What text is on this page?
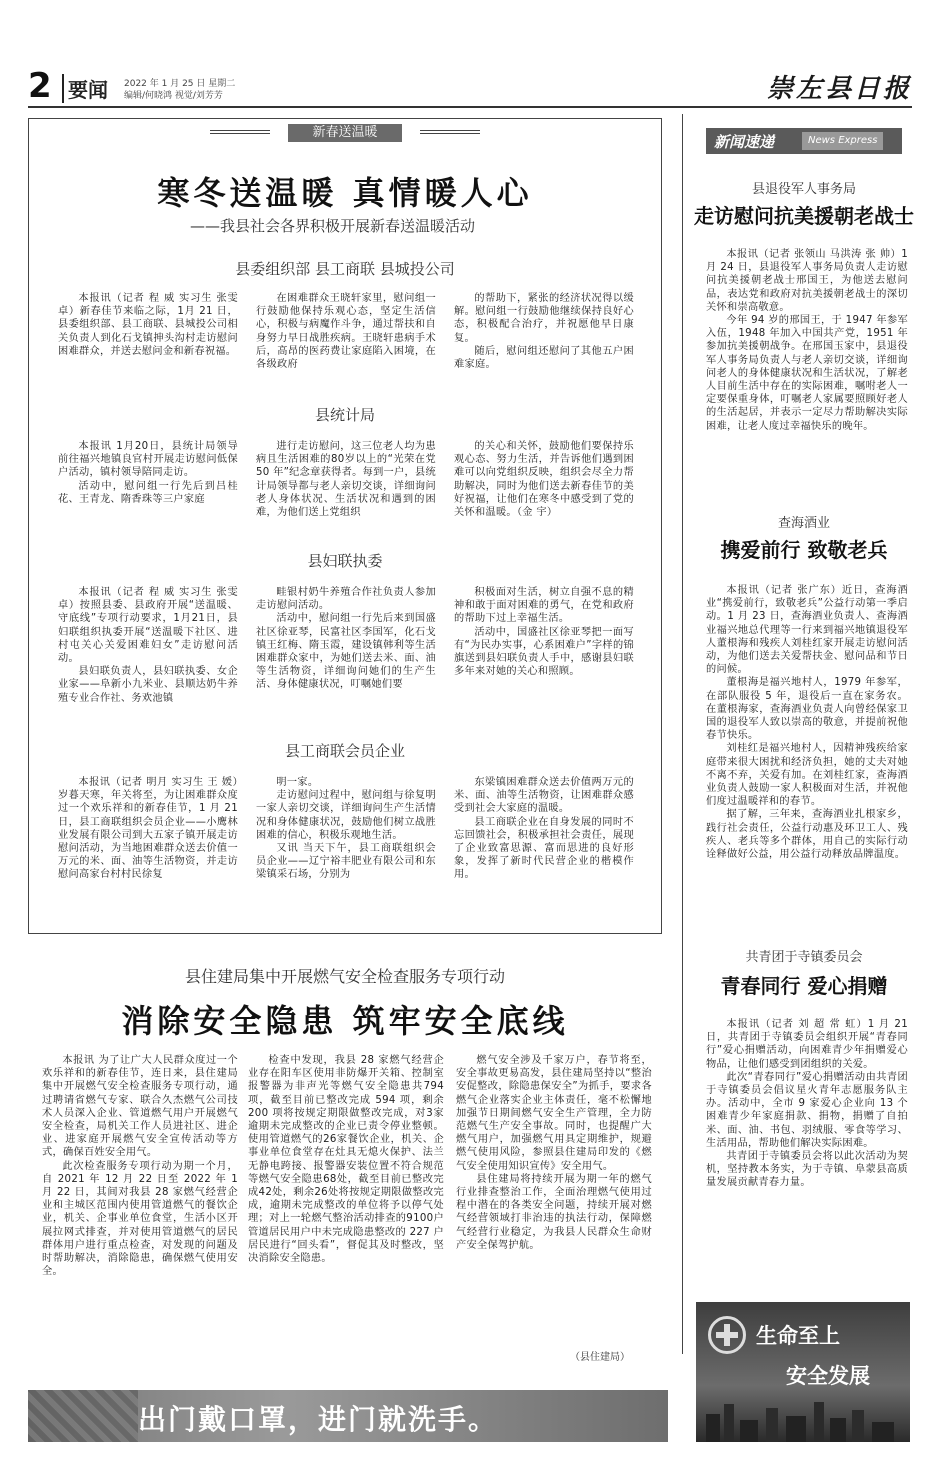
2 要闻 2022 年 1 月 25 日 星期二
编辑/何晓鸿 视觉/刘芳芳	崇左县日报
新春送温暖
寒冬送温暖 真情暖人心
——我县社会各界积极开展新春送温暖活动
县委组织部 县工商联 县城投公司

本报讯（记者 程 威 实习生 张雯卓）新春佳节来临之际，1月 21 日，县委组织部、县工商联、县城投公司相关负责人到化石戈镇抻头沟村走访慰问困难群众，并送去慰问金和新春祝福。

在困难群众王晓轩家里，慰问组一行鼓励他保持乐观心态，坚定生活信心，积极与病魔作斗争，通过帮扶和自身努力早日战胜疾病。王晓轩患病手术后，高昂的医药费让家庭陷入困境，在各级政府

的帮助下，紧张的经济状况得以缓解。慰问组一行鼓励他继续保持良好心态，积极配合治疗，并祝愿他早日康复。

随后，慰问组还慰问了其他五户困难家庭。

县统计局

本报讯 1月20日，县统计局领导前往福兴地镇良官村开展走访慰问低保户活动，镇村领导陪同走访。

活动中，慰问组一行先后到吕桂花、王青龙、隋香珠等三户家庭

进行走访慰问，这三位老人均为患病且生活困难的80岁以上的“光荣在党 50 年”纪念章获得者。每到一户，县统计局领导都与老人亲切交谈，详细询问老人身体状况、生活状况和遇到的困难，为他们送上党组织

的关心和关怀，鼓励他们要保持乐观心态、努力生活，并告诉他们遇到困难可以向党组织反映，组织会尽全力帮助解决，同时为他们送去新春佳节的美好祝福，让他们在寒冬中感受到了党的关怀和温暖。（金 宇）

县妇联执委

本报讯（记者 程 威 实习生 张雯卓）按照县委、县政府开展“送温暖、守底线”专项行动要求，1月21日，县妇联组织执委开展“送温暖下社区、进村屯关心关爱困难妇女”走访慰问活动。

县妇联负责人，县妇联执委、女企业家——阜新小九米业、县顺达奶牛养殖专业合作社、务欢池镇

畦银村奶牛养殖合作社负责人参加走访慰问活动。

活动中，慰问组一行先后来到国盛社区徐亚琴，民富社区李国军，化石戈镇王红梅、隋玉霞，建设镇韩利等生活困难群众家中，为她们送去米、面、油等生活物资，详细询问她们的生产生活、身体健康状况，叮嘱她们要

积极面对生活，树立自强不息的精神和敢于面对困难的勇气，在党和政府的帮助下过上幸福生活。

活动中，国盛社区徐亚琴把一面写有“为民办实事，心系困难户”字样的锦旗送到县妇联负责人手中，感谢县妇联多年来对她的关心和照顾。

县工商联会员企业

本报讯（记者 明月 实习生 王 媛）岁暮天寒，年关将至，为让困难群众度过一个欢乐祥和的新春佳节，1 月 21 日，县工商联组织会员企业——小鹰林业发展有限公司到大五家子镇开展走访慰问活动，为当地困难群众送去价值一万元的米、面、油等生活物资，并走访慰问高家台村村民徐复

明一家。

走访慰问过程中，慰问组与徐复明一家人亲切交谈，详细询问生产生活情况和身体健康状况，鼓励他们树立战胜困难的信心，积极乐观地生活。

又讯 当天下午，县工商联组织会员企业——辽宁裕丰肥业有限公司和东梁镇采石场，分别为

东梁镇困难群众送去价值两万元的米、面、油等生活物资，让困难群众感受到社会大家庭的温暖。

县工商联企业在自身发展的同时不忘回馈社会，积极承担社会责任，展现了企业致富思源、富而思进的良好形象，发挥了新时代民营企业的楷模作用。

县住建局集中开展燃气安全检查服务专项行动
消除安全隐患 筑牢安全底线

本报讯 为了让广大人民群众度过一个欢乐祥和的新春佳节，连日来，县住建局集中开展燃气安全检查服务专项行动，通过聘请省燃气专家、联合久杰燃气公司技术人员深入企业、管道燃气用户开展燃气安全检查，局机关工作人员进社区、进企业、进家庭开展燃气安全宣传活动等方式，确保百姓安全用气。

此次检查服务专项行动为期一个月，自 2021 年 12 月 22 日至 2022 年 1 月 22 日，其间对我县 28 家燃气经营企业和主城区范围内使用管道燃气的餐饮企业，机关、企事业单位食堂，生活小区开展拉网式排查，并对使用管道燃气的居民群体用户进行重点检查，对发现的问题及时帮助解决，消除隐患，确保燃气使用安全。

检查中发现，我县 28 家燃气经营企业存在阳车区使用非防爆开关箱、控制室报警器为非声光等燃气安全隐患共794项，截至目前已整改完成 594 项，剩余 200 项将按规定期限做整改完成，对3家逾期未完成整改的企业已责令停业整顿。使用管道燃气的26家餐饮企业，机关、企事业单位食堂存在灶具无熄火保护、法兰无静电跨接、报警器安装位置不符合规范等燃气安全隐患68处，截至目前已整改完成42处，剩余26处将按规定期限做整改完成，逾期未完成整改的单位将予以停气处理；对上一轮燃气整治活动排查的9100户管道居民用户中未完成隐患整改的 227 户居民进行“回头看”，督促其及时整改，坚决消除安全隐患。

燃气安全涉及千家万户，春节将至，安全事故更易高发，县住建局坚持以“整治安促整改，除隐患保安全”为抓手，要求各燃气企业落实企业主体责任，毫不松懈地加强节日期间燃气安全生产管理，全力防范燃气生产安全事故。同时，也提醒广大燃气用户，加强燃气用具定期维护，规避燃气使用风险，参照县住建局印发的《燃气安全使用知识宣传》安全用气。

县住建局将持续开展为期一年的燃气行业排查整治工作，全面治理燃气使用过程中潜在的各类安全问题，持续开展对燃气经营领域打非治违的执法行动，保障燃气经营行业稳定，为我县人民群众生命财产安全保驾护航。

（县住建局）
新闻速递	News Express
县退役军人事务局
走访慰问抗美援朝老战士

本报讯（记者 张领山 马洪涛 张 帅）1 月 24 日，县退役军人事务局负责人走访慰问抗美援朝老战士邢国王，为他送去慰问品，表达党和政府对抗美援朝老战士的深切关怀和崇高敬意。

今年 94 岁的邢国王，于 1947 年参军入伍，1948 年加入中国共产党，1951 年参加抗美援朝战争。在邢国玉家中，县退役军人事务局负责人与老人亲切交谈，详细询问老人的身体健康状况和生活状况，了解老人目前生活中存在的实际困难，嘱咐老人一定要保重身体，叮嘱老人家属要照顾好老人的生活起居，并表示一定尽力帮助解决实际困难，让老人度过幸福快乐的晚年。

查海酒业
携爱前行 致敬老兵

本报讯（记者 张广东）近日，查海酒业“携爱前行，致敬老兵”公益行动第一季启动。1 月 23 日，查海酒业负责人、查海酒业福兴地总代理等一行来到福兴地镇退役军人董根海和残疾人刘桂红家开展走访慰问活动，为他们送去关爱帮扶金、慰问品和节日的问候。

董根海是福兴地村人，1979 年参军，在部队服役 5 年，退役后一直在家务农。在董根海家，查海酒业负责人向曾经保家卫国的退役军人致以崇高的敬意，并提前祝他春节快乐。

刘桂红是福兴地村人，因精神残疾给家庭带来很大困扰和经济负担，她的丈夫对她不离不弃，关爱有加。在刘桂红家，查海酒业负责人鼓励一家人积极面对生活，并祝他们度过温暖祥和的春节。

据了解，三年来，查海酒业扎根家乡，践行社会责任，公益行动惠及环卫工人、残疾人、老兵等多个群体，用自己的实际行动诠释做好公益，用公益行动释放品牌温度。

共青团于寺镇委员会
青春同行 爱心捐赠

本报讯（记者 刘 超 常 虹）1 月 21 日，共青团于寺镇委员会组织开展“青春同行”爱心捐赠活动，向困难青少年捐赠爱心物品，让他们感受到团组织的关爱。

此次“青春同行”爱心捐赠活动由共青团于寺镇委员会倡议星火青年志愿服务队主办。活动中，全市 9 家爱心企业向 13 个困难青少年家庭捐款、捐物，捐赠了自拍米、面、油、书包、羽绒服、零食等学习、生活用品，帮助他们解决实际困难。

共青团于寺镇委员会将以此次活动为契机，坚持教本务实，为于寺镇、阜蒙县高质量发展贡献青春力量。

生命至上
安全发展
出门戴口罩，进门就洗手。
